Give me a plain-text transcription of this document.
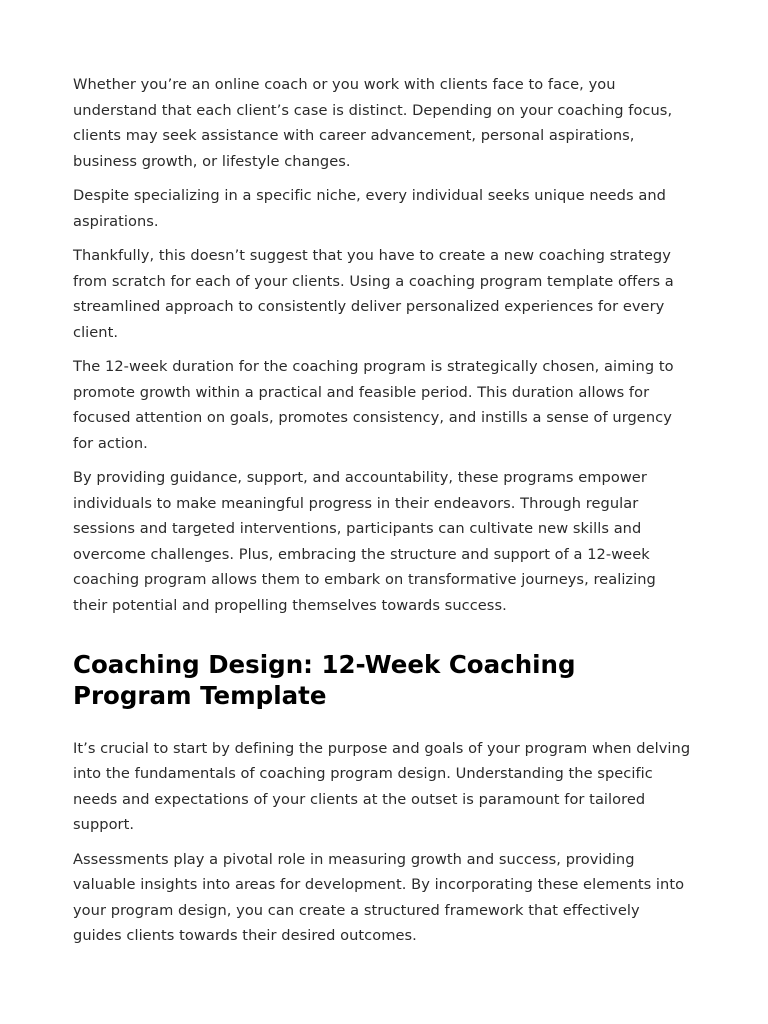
Whether you’re an online coach or you work with clients face to face, you understand that each client’s case is distinct. Depending on your coaching focus, clients may seek assistance with career advancement, personal aspirations, business growth, or lifestyle changes.

Despite specializing in a specific niche, every individual seeks unique needs and aspirations.

Thankfully, this doesn’t suggest that you have to create a new coaching strategy from scratch for each of your clients. Using a coaching program template offers a streamlined approach to consistently deliver personalized experiences for every client.

The 12-week duration for the coaching program is strategically chosen, aiming to promote growth within a practical and feasible period. This duration allows for focused attention on goals, promotes consistency, and instills a sense of urgency for action.

By providing guidance, support, and accountability, these programs empower individuals to make meaningful progress in their endeavors. Through regular sessions and targeted interventions, participants can cultivate new skills and overcome challenges. Plus, embracing the structure and support of a 12-week coaching program allows them to embark on transformative journeys, realizing their potential and propelling themselves towards success.

Coaching Design: 12-Week Coaching Program Template

It’s crucial to start by defining the purpose and goals of your program when delving into the fundamentals of coaching program design. Understanding the specific needs and expectations of your clients at the outset is paramount for tailored support.

Assessments play a pivotal role in measuring growth and success, providing valuable insights into areas for development. By incorporating these elements into your program design, you can create a structured framework that effectively guides clients towards their desired outcomes.
